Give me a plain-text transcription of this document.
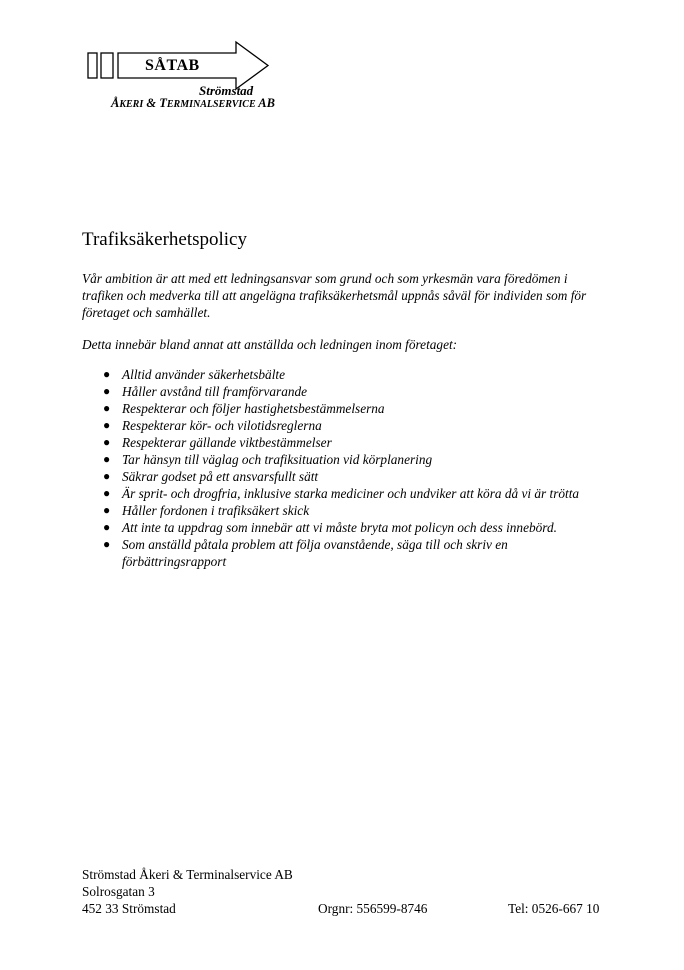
SÅTAB
Strömstad
ÅKERI & TERMINALSERVICE AB
Trafiksäkerhetspolicy

Vår ambition är att med ett ledningsansvar som grund och som yrkesmän vara föredömen i trafiken och medverka till att angelägna trafiksäkerhetsmål uppnås såväl för individen som för företaget och samhället.

Detta innebär bland annat att anställda och ledningen inom företaget:

● Alltid använder säkerhetsbälte
● Håller avstånd till framförvarande
● Respekterar och följer hastighetsbestämmelserna
● Respekterar kör- och vilotidsreglerna
● Respekterar gällande viktbestämmelser
● Tar hänsyn till väglag och trafiksituation vid körplanering
● Säkrar godset på ett ansvarsfullt sätt
● Är sprit- och drogfria, inklusive starka mediciner och undviker att köra då vi är trötta
● Håller fordonen i trafiksäkert skick
● Att inte ta uppdrag som innebär att vi måste bryta mot policyn och dess innebörd.
● Som anställd påtala problem att följa ovanstående, säga till och skriv en förbättringsrapport
Strömstad Åkeri & Terminalservice AB
Solrosgatan 3
452 33 Strömstad	Orgnr: 556599-8746	Tel: 0526-667 10
